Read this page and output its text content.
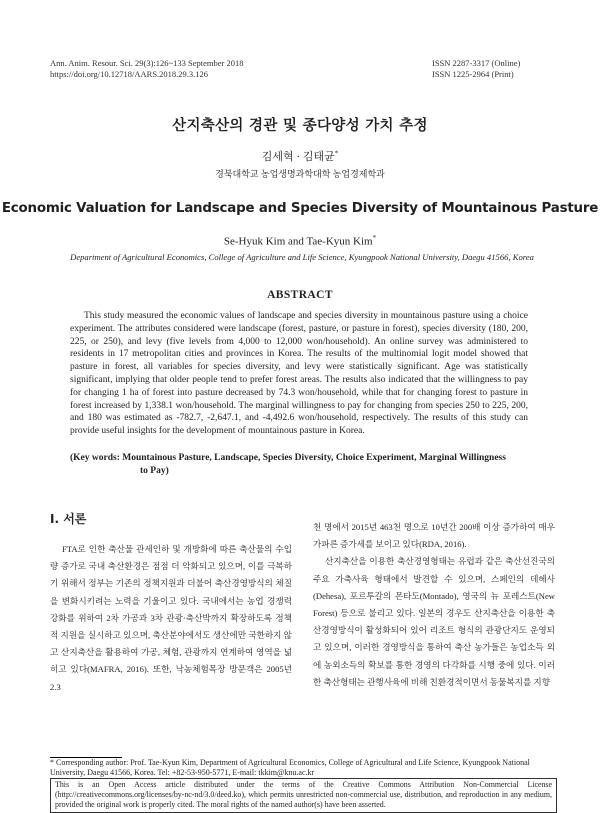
Ann. Anim. Resour. Sci. 29(3):126~133 September 2018
https://doi.org/10.12718/AARS.2018.29.3.126
ISSN 2287-3317 (Online)
ISSN 1225-2964 (Print)
산지축산의 경관 및 종다양성 가치 추정
김세혁 · 김태균*
경북대학교 농업생명과학대학 농업경제학과
Economic Valuation for Landscape and Species Diversity of Mountainous Pasture
Se-Hyuk Kim and Tae-Kyun Kim*
Department of Agricultural Economics, College of Agriculture and Life Science, Kyungpook National University, Daegu 41566, Korea
ABSTRACT

This study measured the economic values of landscape and species diversity in mountainous pasture using a choice experiment. The attributes considered were landscape (forest, pasture, or pasture in forest), species diversity (180, 200, 225, or 250), and levy (five levels from 4,000 to 12,000 won/household). An online survey was administered to residents in 17 metropolitan cities and provinces in Korea. The results of the multinomial logit model showed that pasture in forest, all variables for species diversity, and levy were statistically significant. Age was statistically significant, implying that older people tend to prefer forest areas. The results also indicated that the willingness to pay for changing 1 ha of forest into pasture decreased by 74.3 won/household, while that for changing forest to pasture in forest increased by 1,338.1 won/household. The marginal willingness to pay for changing from species 250 to 225, 200, and 180 was estimated as -782.7, -2,647.1, and -4,492.6 won/household, respectively. The results of this study can provide useful insights for the development of mountainous pasture in Korea.

(Key words: Mountainous Pasture, Landscape, Species Diversity, Choice Experiment, Marginal Willingness
to Pay)
Ⅰ. 서론

FTA로 인한 축산물 관세인하 및 개방화에 따른 축산물의 수입량 증가로 국내 축산환경은 점점 더 악화되고 있으며, 이를 극복하기 위해서 정부는 기존의 정책지원과 더불어 축산경영방식의 체질을 변화시키려는 노력을 기울이고 있다. 국내에서는 농업 경쟁력 강화를 위하여 2차 가공과 3차 관광·축산박까지 확장하도록 정책적 지원을 실시하고 있으며, 축산분야에서도 생산에만 국한하지 않고 산지축산을 활용하여 가공, 체험, 관광까지 연계하여 영역을 넓히고 있다(MAFRA, 2016). 또한, 낙농체험목장 방문객은 2005년 2.3

천 명에서 2015년 463천 명으로 10년간 200배 이상 증가하여 매우 가파른 증가세를 보이고 있다(RDA, 2016).

산지축산을 이용한 축산경영형태는 유럽과 같은 축산선진국의 주요 가축사육 형태에서 발견할 수 있으며, 스페인의 데헤사(Dehesa), 포르투갈의 몬타도(Montado), 영국의 뉴 포레스트(New Forest) 등으로 불리고 있다. 일본의 경우도 산지축산을 이용한 축산경영방식이 활성화되어 있어 리조트 형식의 관광단지도 운영되고 있으며, 이러한 경영방식을 통하여 축산 농가들은 농업소득 외에 농외소득의 확보를 통한 경영의 다각화를 시행 중에 있다. 이러한 축산형태는 관행사육에 비해 친환경적이면서 동물복지를 지향

* Corresponding author: Prof. Tae-Kyun Kim, Department of Agricultural Economics, College of Agricultural and Life Science, Kyungpook National University, Daegu 41566, Korea. Tel: +82-53-950-5771, E-mail: tkkim@knu.ac.kr
This is an Open Access article distributed under the terms of the Creative Commons Attribution Non-Commercial License (http://creativecommons.org/licenses/by-nc-nd/3.0/deed.ko), which permits unrestricted non-commercial use, distribution, and reproduction in any medium, provided the original work is properly cited. The moral rights of the named author(s) have been asserted.
